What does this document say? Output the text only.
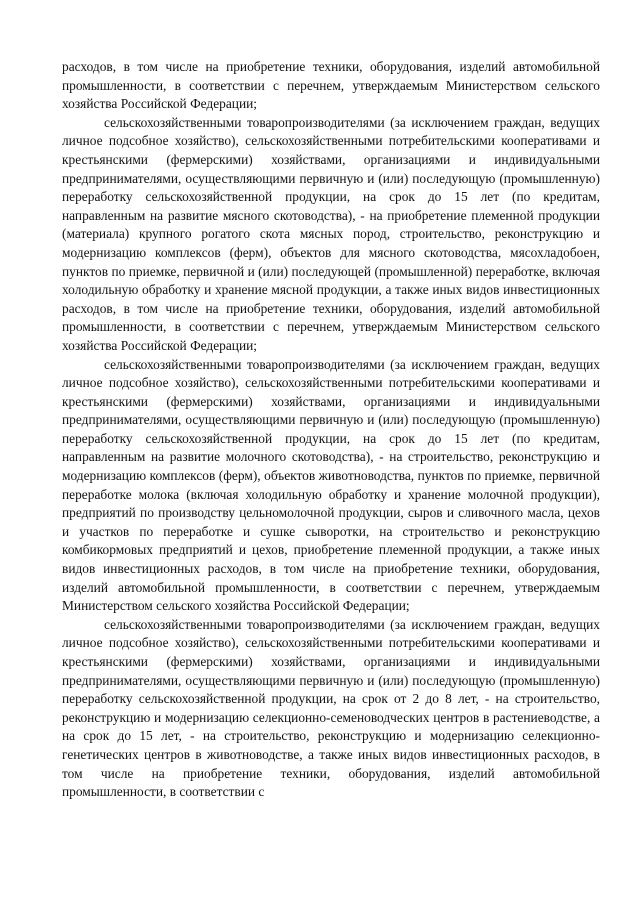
расходов, в том числе на приобретение техники, оборудования, изделий автомобильной промышленности, в соответствии с перечнем, утверждаемым Министерством сельского хозяйства Российской Федерации;

сельскохозяйственными товаропроизводителями (за исключением граждан, ведущих личное подсобное хозяйство), сельскохозяйственными потребительскими кооперативами и крестьянскими (фермерскими) хозяйствами, организациями и индивидуальными предпринимателями, осуществляющими первичную и (или) последующую (промышленную) переработку сельскохозяйственной продукции, на срок до 15 лет (по кредитам, направленным на развитие мясного скотоводства), - на приобретение племенной продукции (материала) крупного рогатого скота мясных пород, строительство, реконструкцию и модернизацию комплексов (ферм), объектов для мясного скотоводства, мясохладобоен, пунктов по приемке, первичной и (или) последующей (промышленной) переработке, включая холодильную обработку и хранение мясной продукции, а также иных видов инвестиционных расходов, в том числе на приобретение техники, оборудования, изделий автомобильной промышленности, в соответствии с перечнем, утверждаемым Министерством сельского хозяйства Российской Федерации;

сельскохозяйственными товаропроизводителями (за исключением граждан, ведущих личное подсобное хозяйство), сельскохозяйственными потребительскими кооперативами и крестьянскими (фермерскими) хозяйствами, организациями и индивидуальными предпринимателями, осуществляющими первичную и (или) последующую (промышленную) переработку сельскохозяйственной продукции, на срок до 15 лет (по кредитам, направленным на развитие молочного скотоводства), - на строительство, реконструкцию и модернизацию комплексов (ферм), объектов животноводства, пунктов по приемке, первичной переработке молока (включая холодильную обработку и хранение молочной продукции), предприятий по производству цельномолочной продукции, сыров и сливочного масла, цехов и участков по переработке и сушке сыворотки, на строительство и реконструкцию комбикормовых предприятий и цехов, приобретение племенной продукции, а также иных видов инвестиционных расходов, в том числе на приобретение техники, оборудования, изделий автомобильной промышленности, в соответствии с перечнем, утверждаемым Министерством сельского хозяйства Российской Федерации;

сельскохозяйственными товаропроизводителями (за исключением граждан, ведущих личное подсобное хозяйство), сельскохозяйственными потребительскими кооперативами и крестьянскими (фермерскими) хозяйствами, организациями и индивидуальными предпринимателями, осуществляющими первичную и (или) последующую (промышленную) переработку сельскохозяйственной продукции, на срок от 2 до 8 лет, - на строительство, реконструкцию и модернизацию селекционно-семеноводческих центров в растениеводстве, а на срок до 15 лет, - на строительство, реконструкцию и модернизацию селекционно-генетических центров в животноводстве, а также иных видов инвестиционных расходов, в том числе на приобретение техники, оборудования, изделий автомобильной промышленности, в соответствии с
